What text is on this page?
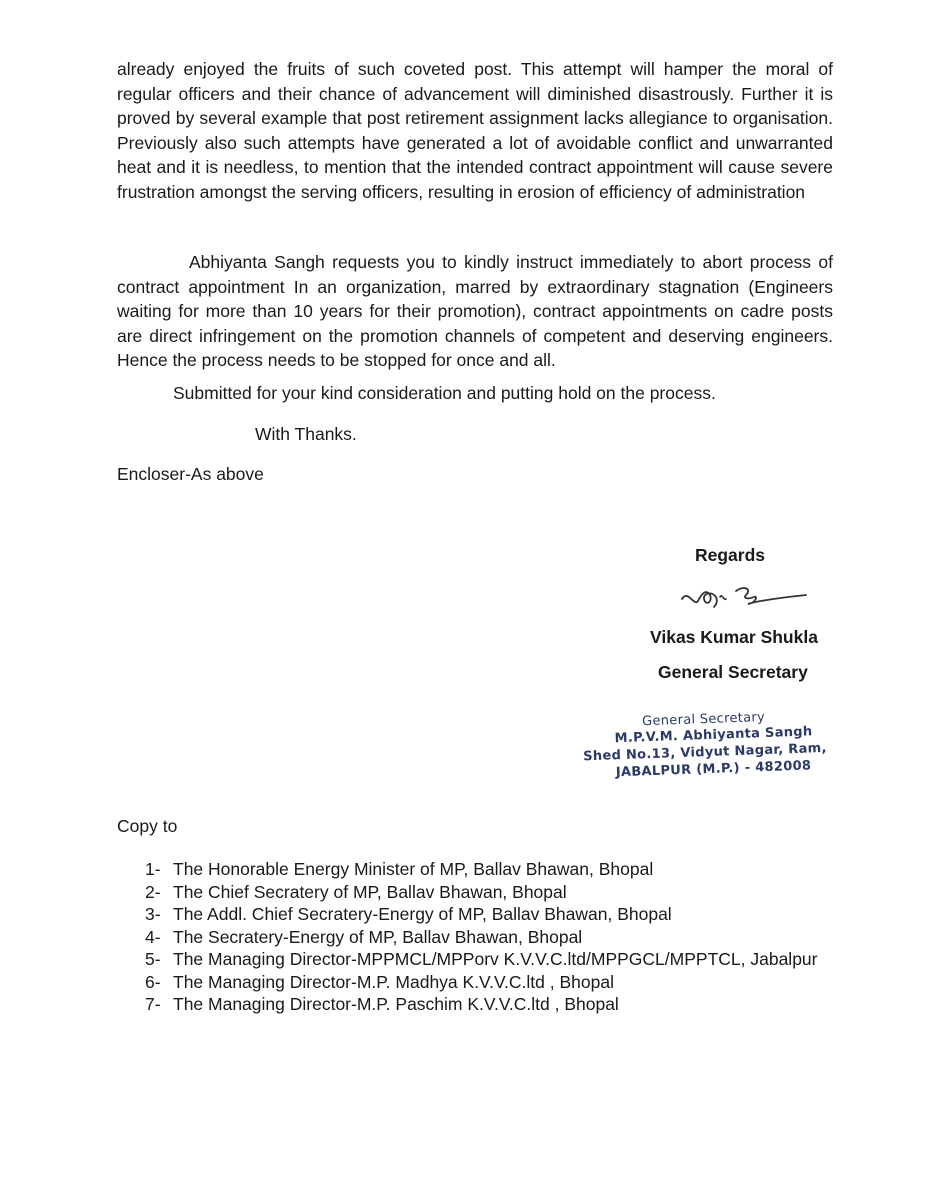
already enjoyed the fruits of such coveted post. This attempt will hamper the moral of regular officers and their chance of advancement will diminished disastrously. Further it is proved by several example that post retirement assignment lacks allegiance to organisation. Previously also such attempts have generated a lot of avoidable conflict and unwarranted heat and it is needless, to mention that the intended contract appointment will cause severe frustration amongst the serving officers, resulting in erosion of efficiency of administration

Abhiyanta Sangh requests you to kindly instruct immediately to abort process of contract appointment In an organization, marred by extraordinary stagnation (Engineers waiting for more than 10 years for their promotion), contract appointments on cadre posts are direct infringement on the promotion channels of competent and deserving engineers. Hence the process needs to be stopped for once and all.

Submitted for your kind consideration and putting hold on the process.

With Thanks.

Encloser-As above

Regards

Vikas Kumar Shukla

General Secretary

General Secretary
M.P.V.M. Abhiyanta Sangh
Shed No.13, Vidyut Nagar, Ram,
JABALPUR (M.P.) - 482008

Copy to

1- The Honorable Energy Minister of MP, Ballav Bhawan, Bhopal
2- The Chief Secratery of MP, Ballav Bhawan, Bhopal
3- The Addl. Chief Secratery-Energy of MP, Ballav Bhawan, Bhopal
4- The Secratery-Energy of MP, Ballav Bhawan, Bhopal
5- The Managing Director-MPPMCL/MPPorv K.V.V.C.ltd/MPPGCL/MPPTCL, Jabalpur
6- The Managing Director-M.P. Madhya K.V.V.C.ltd , Bhopal
7- The Managing Director-M.P. Paschim K.V.V.C.ltd , Bhopal
